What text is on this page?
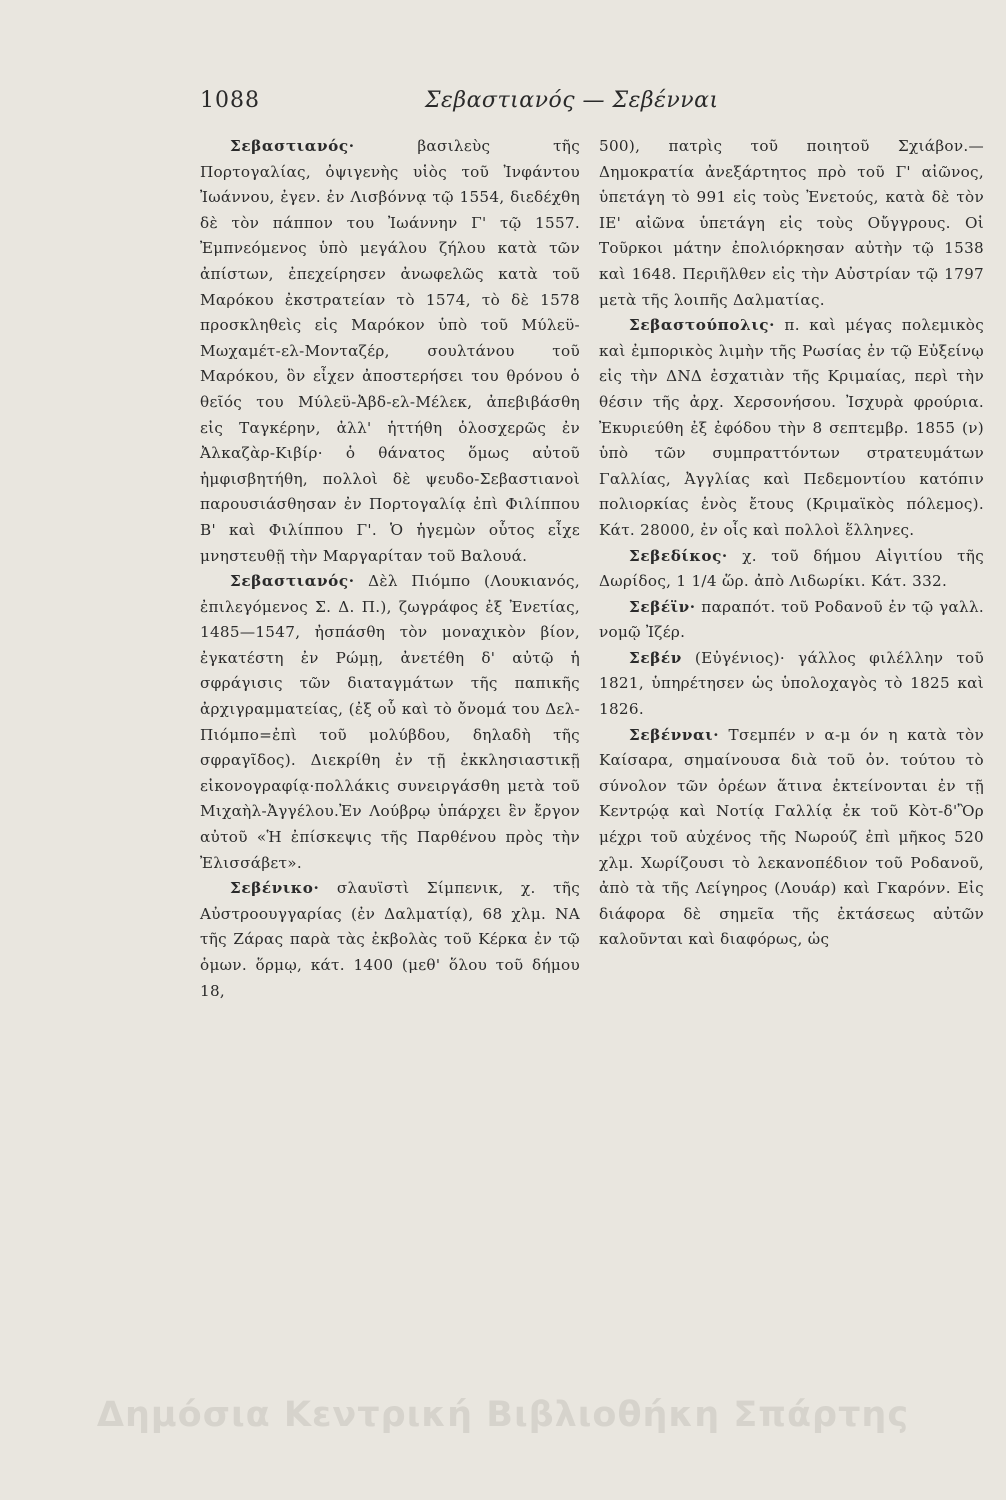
1088	Σεβαστιανός — Σεβένναι

Σεβαστιανός· βασιλεὺς τῆς Πορτογαλίας, ὀψιγενὴς υἱὸς τοῦ Ἰνφάντου Ἰωάννου, ἐγεν. ἐν Λισβόννᾳ τῷ 1554, διεδέχθη δὲ τὸν πάππον του Ἰωάννην Γ' τῷ 1557. Ἐμπνεόμενος ὑπὸ μεγάλου ζήλου κατὰ τῶν ἀπίστων, ἐπεχείρησεν ἀνωφελῶς κατὰ τοῦ Μαρόκου ἐκστρατείαν τὸ 1574, τὸ δὲ 1578 προσκληθεὶς εἰς Μαρόκον ὑπὸ τοῦ Μύλεϋ-Μωχαμέτ-ελ-Μονταζέρ, σουλτάνου τοῦ Μαρόκου, ὃν εἶχεν ἀποστερήσει του θρόνου ὁ θεῖός του Μύλεϋ-Ἀβδ-ελ-Μέλεκ, ἀπεβιβάσθη εἰς Ταγκέρην, ἀλλ' ἡττήθη ὁλοσχερῶς ἐν Ἀλκαζὰρ-Κιβίρ· ὁ θάνατος ὅμως αὐτοῦ ἠμφισβητήθη, πολλοὶ δὲ ψευδο-Σεβαστιανοὶ παρουσιάσθησαν ἐν Πορτογαλίᾳ ἐπὶ Φιλίππου Β' καὶ Φιλίππου Γ'. Ὁ ἡγεμὼν οὗτος εἶχε μνηστευθῇ τὴν Μαργαρίταν τοῦ Βαλουά.

Σεβαστιανός· Δὲλ Πιόμπο (Λουκιανός, ἐπιλεγόμενος Σ. Δ. Π.), ζωγράφος ἐξ Ἐνετίας, 1485—1547, ἠσπάσθη τὸν μοναχικὸν βίον, ἐγκατέστη ἐν Ρώμῃ, ἀνετέθη δ' αὐτῷ ἡ σφράγισις τῶν διαταγμάτων τῆς παπικῆς ἀρχιγραμματείας, (ἐξ οὗ καὶ τὸ ὄνομά του Δελ-Πιόμπο=ἐπὶ τοῦ μολύβδου, δηλαδὴ τῆς σφραγῖδος). Διεκρίθη ἐν τῇ ἐκκλησιαστικῇ εἰκονογραφίᾳ·πολλάκις συνειργάσθη μετὰ τοῦ Μιχαὴλ-Ἀγγέλου.Ἐν Λούβρῳ ὑπάρχει ἓν ἔργον αὐτοῦ «Ἡ ἐπίσκεψις τῆς Παρθένου πρὸς τὴν Ἐλισσάβετ».

Σεβένικο· σλαυϊστὶ Σίμπενικ, χ. τῆς Αὐστροουγγαρίας (ἐν Δαλματίᾳ), 68 χλμ. ΝΑ τῆς Ζάρας παρὰ τὰς ἐκβολὰς τοῦ Κέρκα ἐν τῷ ὁμων. ὅρμῳ, κάτ. 1400 (μεθ' ὅλου τοῦ δήμου 18,

500), πατρὶς τοῦ ποιητοῦ Σχιάβον.— Δημοκρατία ἀνεξάρτητος πρὸ τοῦ Γ' αἰῶνος, ὑπετάγη τὸ 991 εἰς τοὺς Ἐνετούς, κατὰ δὲ τὸν ΙΕ' αἰῶνα ὑπετάγη εἰς τοὺς Οὔγγρους. Οἱ Τοῦρκοι μάτην ἐπολιόρκησαν αὐτὴν τῷ 1538 καὶ 1648. Περιῆλθεν εἰς τὴν Αὐστρίαν τῷ 1797 μετὰ τῆς λοιπῆς Δαλματίας.

Σεβαστούπολις· π. καὶ μέγας πολεμικὸς καὶ ἐμπορικὸς λιμὴν τῆς Ρωσίας ἐν τῷ Εὐξείνῳ εἰς τὴν ΔΝΔ ἐσχατιὰν τῆς Κριμαίας, περὶ τὴν θέσιν τῆς ἀρχ. Χερσονήσου. Ἰσχυρὰ φρούρια. Ἐκυριεύθη ἐξ ἐφόδου τὴν 8 σεπτεμβρ. 1855 (ν) ὑπὸ τῶν συμπραττόντων στρατευμάτων Γαλλίας, Ἀγγλίας καὶ Πεδεμοντίου κατόπιν πολιορκίας ἑνὸς ἔτους (Κριμαϊκὸς πόλεμος). Κάτ. 28000, ἐν οἷς καὶ πολλοὶ ἕλληνες.

Σεβεδίκος· χ. τοῦ δήμου Αἰγιτίου τῆς Δωρίδος, 1 1/4 ὥρ. ἀπὸ Λιδωρίκι. Κάτ. 332.

Σεβέϊν· παραπότ. τοῦ Ροδανοῦ ἐν τῷ γαλλ. νομῷ Ἰζέρ.

Σεβέν (Εὐγένιος)· γάλλος φιλέλλην τοῦ 1821, ὑπηρέτησεν ὡς ὑπολοχαγὸς τὸ 1825 καὶ 1826.

Σεβένναι· Τσεμπέν ν α-μ όν η κατὰ τὸν Καίσαρα, σημαίνουσα διὰ τοῦ ὀν. τούτου τὸ σύνολον τῶν ὀρέων ἅτινα ἐκτείνονται ἐν τῇ Κεντρῴᾳ καὶ Νοτίᾳ Γαλλίᾳ ἐκ τοῦ Κὸτ-δ'Ὂρ μέχρι τοῦ αὐχένος τῆς Νωρούζ ἐπὶ μῆκος 520 χλμ. Χωρίζουσι τὸ λεκανοπέδιον τοῦ Ροδανοῦ, ἀπὸ τὰ τῆς Λείγηρος (Λουάρ) καὶ Γκαρόνν. Εἰς διάφορα δὲ σημεῖα τῆς ἐκτάσεως αὐτῶν καλοῦνται καὶ διαφόρως, ὡς

Δημόσια Κεντρική Βιβλιοθήκη Σπάρτης
